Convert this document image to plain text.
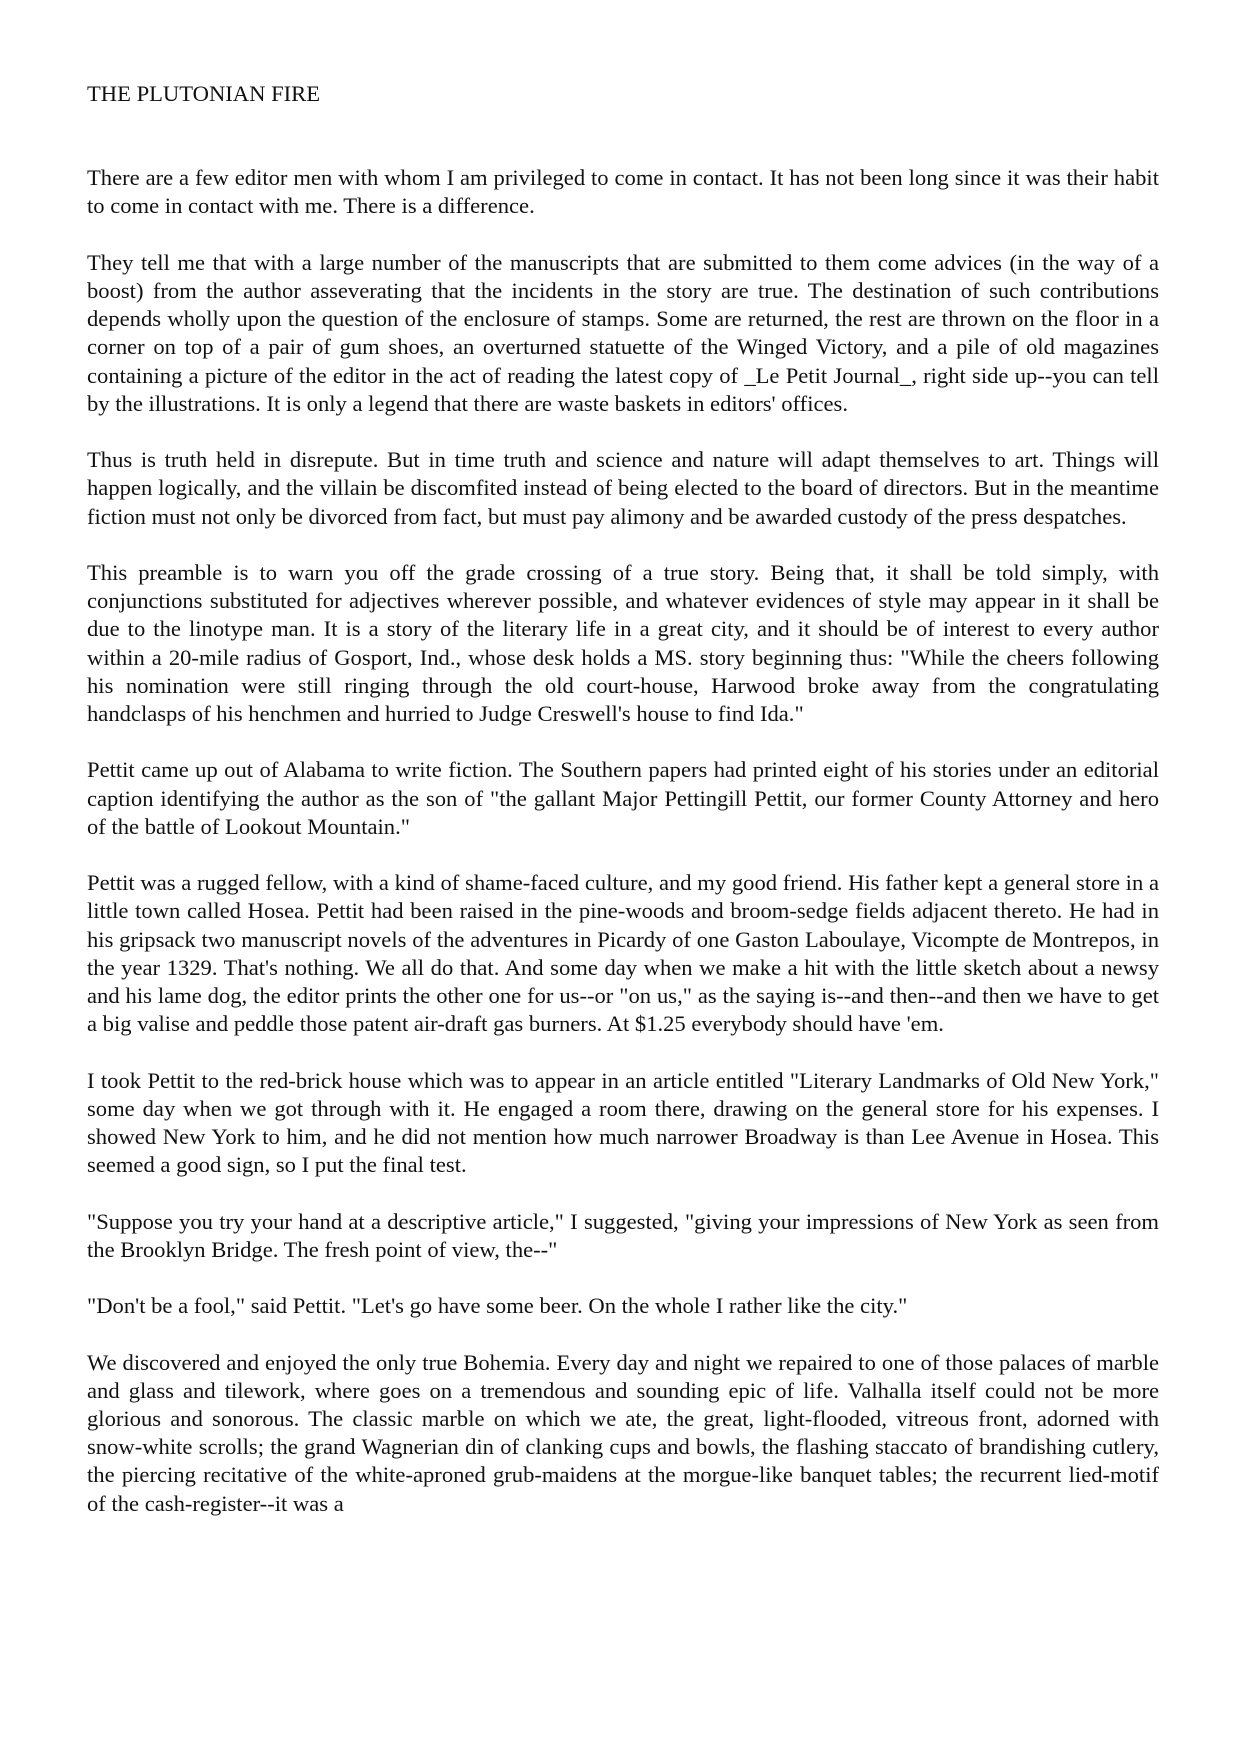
THE PLUTONIAN FIRE

There are a few editor men with whom I am privileged to come in contact. It has not been long since it was their habit to come in contact with me. There is a difference.

They tell me that with a large number of the manuscripts that are submitted to them come advices (in the way of a boost) from the author asseverating that the incidents in the story are true. The destination of such contributions depends wholly upon the question of the enclosure of stamps. Some are returned, the rest are thrown on the floor in a corner on top of a pair of gum shoes, an overturned statuette of the Winged Victory, and a pile of old magazines containing a picture of the editor in the act of reading the latest copy of _Le Petit Journal_, right side up--you can tell by the illustrations. It is only a legend that there are waste baskets in editors' offices.

Thus is truth held in disrepute. But in time truth and science and nature will adapt themselves to art. Things will happen logically, and the villain be discomfited instead of being elected to the board of directors. But in the meantime fiction must not only be divorced from fact, but must pay alimony and be awarded custody of the press despatches.

This preamble is to warn you off the grade crossing of a true story. Being that, it shall be told simply, with conjunctions substituted for adjectives wherever possible, and whatever evidences of style may appear in it shall be due to the linotype man. It is a story of the literary life in a great city, and it should be of interest to every author within a 20-mile radius of Gosport, Ind., whose desk holds a MS. story beginning thus: "While the cheers following his nomination were still ringing through the old court-house, Harwood broke away from the congratulating handclasps of his henchmen and hurried to Judge Creswell's house to find Ida."

Pettit came up out of Alabama to write fiction. The Southern papers had printed eight of his stories under an editorial caption identifying the author as the son of "the gallant Major Pettingill Pettit, our former County Attorney and hero of the battle of Lookout Mountain."

Pettit was a rugged fellow, with a kind of shame-faced culture, and my good friend. His father kept a general store in a little town called Hosea. Pettit had been raised in the pine-woods and broom-sedge fields adjacent thereto. He had in his gripsack two manuscript novels of the adventures in Picardy of one Gaston Laboulaye, Vicompte de Montrepos, in the year 1329. That's nothing. We all do that. And some day when we make a hit with the little sketch about a newsy and his lame dog, the editor prints the other one for us--or "on us," as the saying is--and then--and then we have to get a big valise and peddle those patent air-draft gas burners. At $1.25 everybody should have 'em.

I took Pettit to the red-brick house which was to appear in an article entitled "Literary Landmarks of Old New York," some day when we got through with it. He engaged a room there, drawing on the general store for his expenses. I showed New York to him, and he did not mention how much narrower Broadway is than Lee Avenue in Hosea. This seemed a good sign, so I put the final test.

"Suppose you try your hand at a descriptive article," I suggested, "giving your impressions of New York as seen from the Brooklyn Bridge. The fresh point of view, the--"

"Don't be a fool," said Pettit. "Let's go have some beer. On the whole I rather like the city."

We discovered and enjoyed the only true Bohemia. Every day and night we repaired to one of those palaces of marble and glass and tilework, where goes on a tremendous and sounding epic of life. Valhalla itself could not be more glorious and sonorous. The classic marble on which we ate, the great, light-flooded, vitreous front, adorned with snow-white scrolls; the grand Wagnerian din of clanking cups and bowls, the flashing staccato of brandishing cutlery, the piercing recitative of the white-aproned grub-maidens at the morgue-like banquet tables; the recurrent lied-motif of the cash-register--it was a
